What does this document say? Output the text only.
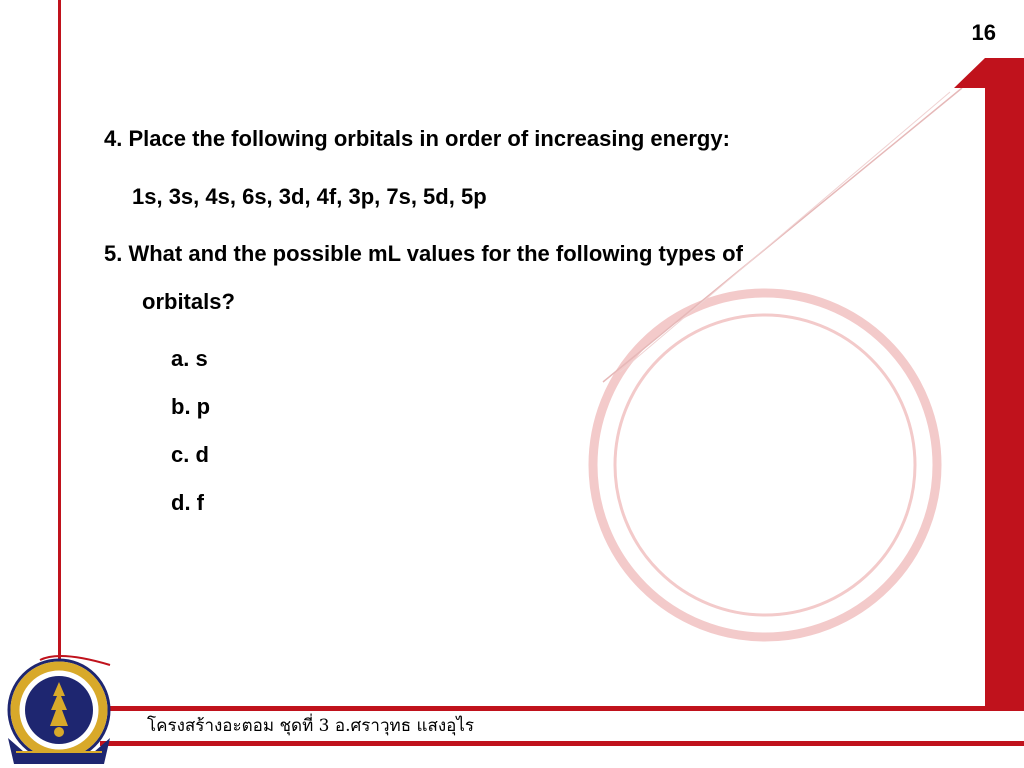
16
4. Place the following orbitals in order of increasing energy:
1s, 3s, 4s, 6s, 3d, 4f, 3p, 7s, 5d, 5p
5. What and the possible mL values for the following types of
orbitals?
a. s
b. p
c. d
d. f
โครงสร้างอะตอม ชุดที่ 3 อ.ศราวุทธ แสงอุไร
